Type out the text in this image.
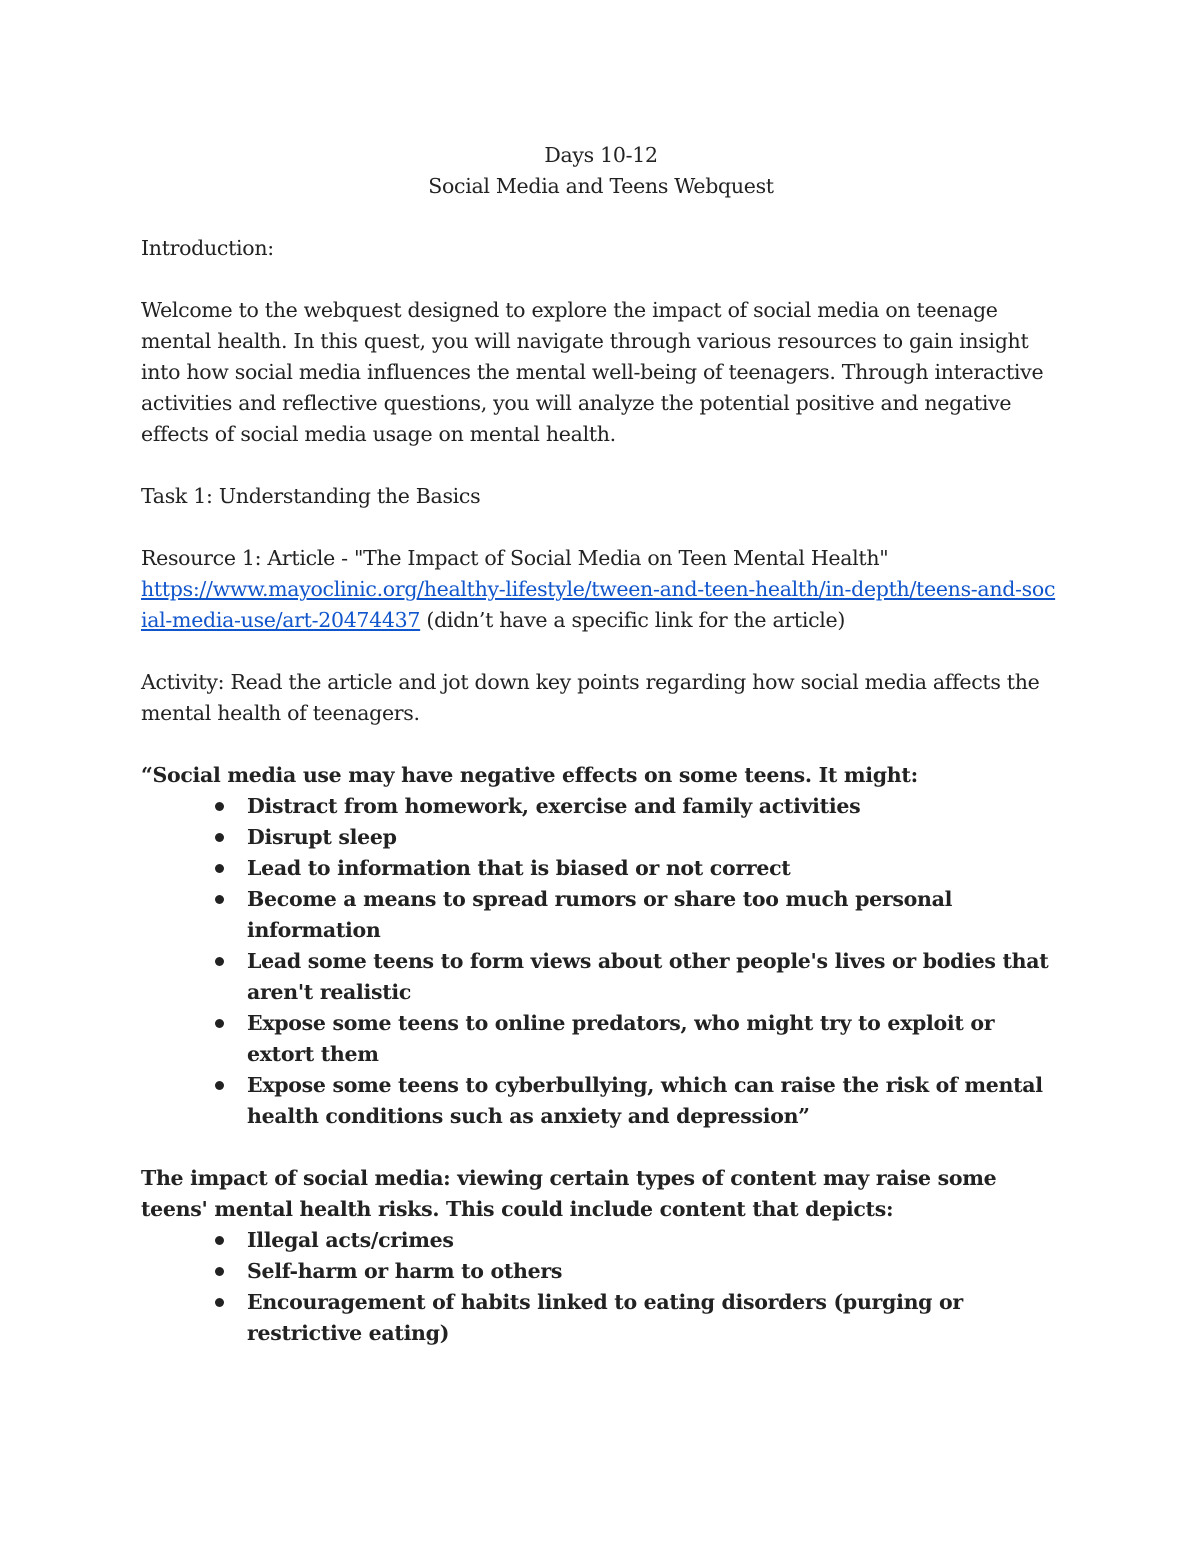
Days 10-12

Social Media and Teens Webquest

Introduction:

Welcome to the webquest designed to explore the impact of social media on teenage mental health. In this quest, you will navigate through various resources to gain insight into how social media influences the mental well-being of teenagers. Through interactive activities and reflective questions, you will analyze the potential positive and negative effects of social media usage on mental health.

Task 1: Understanding the Basics

Resource 1: Article - "The Impact of Social Media on Teen Mental Health"
https://www.mayoclinic.org/healthy-lifestyle/tween-and-teen-health/in-depth/teens-and-social-media-use/art-20474437 (didn’t have a specific link for the article)

Activity: Read the article and jot down key points regarding how social media affects the mental health of teenagers.

“Social media use may have negative effects on some teens. It might:

Distract from homework, exercise and family activities
Disrupt sleep
Lead to information that is biased or not correct
Become a means to spread rumors or share too much personal information
Lead some teens to form views about other people's lives or bodies that aren't realistic
Expose some teens to online predators, who might try to exploit or extort them
Expose some teens to cyberbullying, which can raise the risk of mental health conditions such as anxiety and depression”

The impact of social media: viewing certain types of content may raise some teens' mental health risks. This could include content that depicts:

Illegal acts/crimes
Self-harm or harm to others
Encouragement of habits linked to eating disorders (purging or restrictive eating)
